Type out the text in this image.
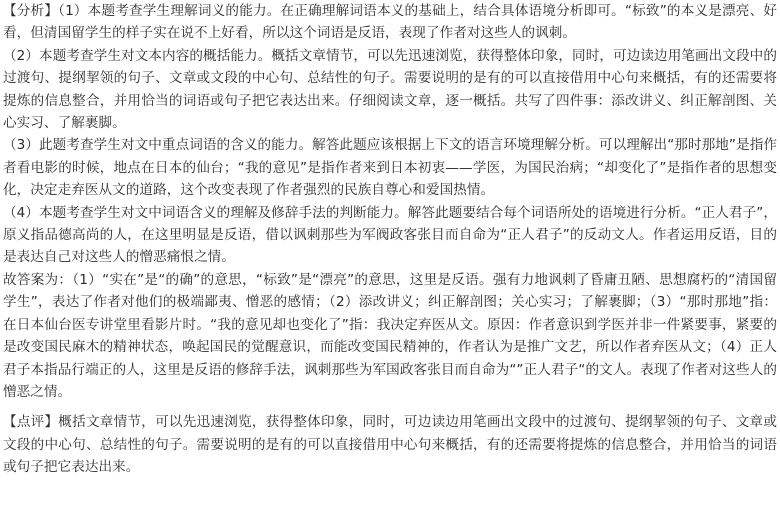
【分析】（1）本题考查学生理解词义的能力。在正确理解词语本义的基础上，结合具体语境分析即可。“标致”的本义是漂亮、好看，但清国留学生的样子实在说不上好看，所以这个词语是反语，表现了作者对这些人的讽刺。

（2）本题考查学生对文本内容的概括能力。概括文章情节，可以先迅速浏览，获得整体印象，同时，可边读边用笔画出文段中的过渡句、提纲挈领的句子、文章或文段的中心句、总结性的句子。需要说明的是有的可以直接借用中心句来概括，有的还需要将提炼的信息整合，并用恰当的词语或句子把它表达出来。仔细阅读文章，逐一概括。共写了四件事：添改讲义、纠正解剖图、关心实习、了解裹脚。

（3）此题考查学生对文中重点词语的含义的能力。解答此题应该根据上下文的语言环境理解分析。可以理解出“那时那地”是指作者看电影的时候，地点在日本的仙台；“我的意见”是指作者来到日本初衷——学医，为国民治病；“却变化了”是指作者的思想变化，决定走弃医从文的道路，这个改变表现了作者强烈的民族自尊心和爱国热情。

（4）本题考查学生对文中词语含义的理解及修辞手法的判断能力。解答此题要结合每个词语所处的语境进行分析。“正人君子”，原义指品德高尚的人，在这里明显是反语，借以讽刺那些为军阀政客张目而自命为“正人君子”的反动文人。作者运用反语，目的是表达自己对这些人的憎恶痛恨之情。

故答案为：（1）“实在”是“的确”的意思，“标致”是“漂亮”的意思，这里是反语。强有力地讽刺了昏庸丑陋、思想腐朽的“清国留学生”，表达了作者对他们的极端鄙夷、憎恶的感情；（2）添改讲义；纠正解剖图；关心实习；了解裹脚；（3）“那时那地”指：在日本仙台医专讲堂里看影片时。“我的意见却也变化了”指：我决定弃医从文。原因：作者意识到学医并非一件紧要事，紧要的是改变国民麻木的精神状态，唤起国民的觉醒意识，而能改变国民精神的，作者认为是推广文艺，所以作者弃医从文；（4）正人君子本指品行端正的人，这里是反语的修辞手法，讽刺那些为军国政客张目而自命为“”正人君子“的文人。表现了作者对这些人的憎恶之情。

【点评】概括文章情节，可以先迅速浏览，获得整体印象，同时，可边读边用笔画出文段中的过渡句、提纲挈领的句子、文章或文段的中心句、总结性的句子。需要说明的是有的可以直接借用中心句来概括，有的还需要将提炼的信息整合，并用恰当的词语或句子把它表达出来。
